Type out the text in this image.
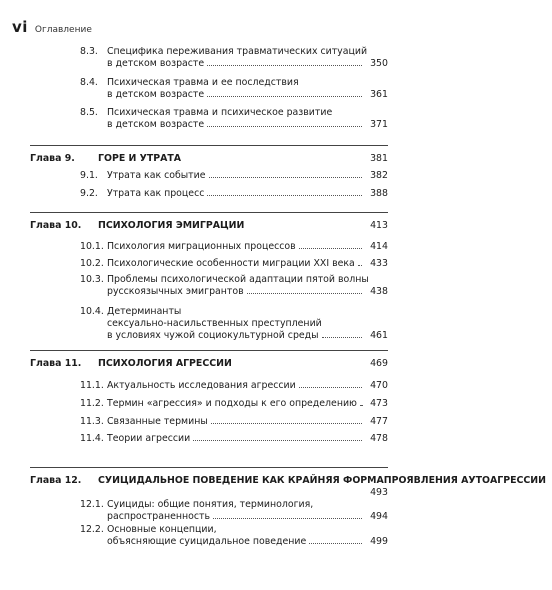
vi Оглавление
8.3. Специфика переживания травматических ситуаций
в детском возрасте	350
8.4. Психическая травма и ее последствия
в детском возрасте	361
8.5. Психическая травма и психическое развитие
в детском возрасте	371
Глава 9. ГОРЕ И УТРАТА	381
9.1. Утрата как событие	382
9.2. Утрата как процесс	388
Глава 10. ПСИХОЛОГИЯ ЭМИГРАЦИИ	413
10.1. Психология миграционных процессов	414
10.2. Психологические особенности миграции XXI века 433
10.3. Проблемы психологической адаптации пятой волны
русскоязычных эмигрантов	438
10.4. Детерминанты
сексуально-насильственных преступлений
в условиях чужой социокультурной среды	461
Глава 11. ПСИХОЛОГИЯ АГРЕССИИ	469
11.1. Актуальность исследования агрессии	470
11.2. Термин «агрессия» и подходы к его определению 473
11.3. Связанные термины	477
11.4. Теории агрессии	478
Глава 12. СУИЦИДАЛЬНОЕ ПОВЕДЕНИЕ КАК КРАЙНЯЯ ФОРМАПРОЯВЛЕНИЯ АУТОАГРЕССИИ
493
12.1. Суициды: общие понятия, терминология,
распространенность	494
12.2. Основные концепции,
объясняющие суицидальное поведение	499
